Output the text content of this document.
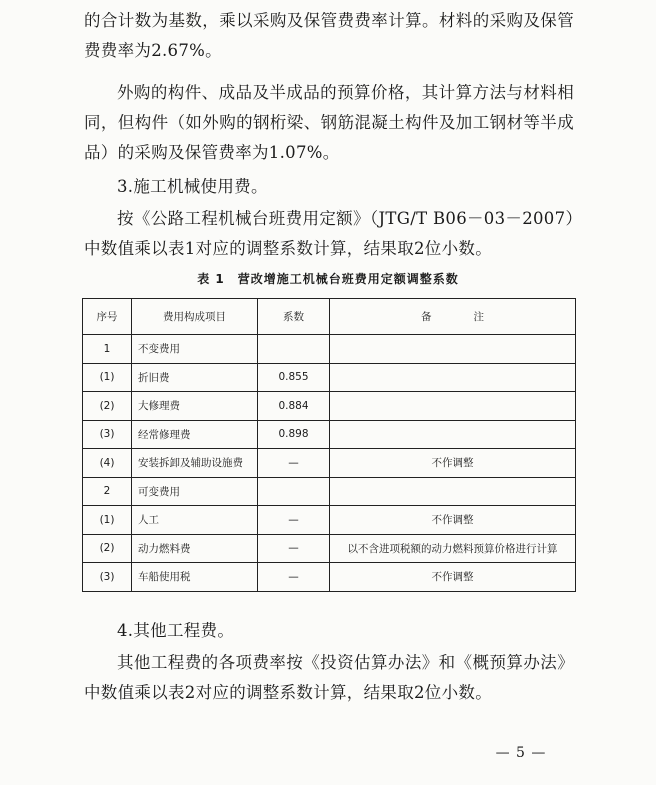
的合计数为基数，乘以采购及保管费费率计算。材料的采购及保管费费率为2.67%。

外购的构件、成品及半成品的预算价格，其计算方法与材料相同，但构件（如外购的钢桁梁、钢筋混凝土构件及加工钢材等半成品）的采购及保管费率为1.07%。

3.施工机械使用费。

按《公路工程机械台班费用定额》（JTG/T B06－03－2007）中数值乘以表1对应的调整系数计算，结果取2位小数。

表 1　营改增施工机械台班费用定额调整系数
序号	费用构成项目	系数	备　　　　注
1	不变费用		
(1)	折旧费	0.855	
(2)	大修理费	0.884	
(3)	经常修理费	0.898	
(4)	安装拆卸及辅助设施费	—	不作调整
2	可变费用		
(1)	人工	—	不作调整
(2)	动力燃料费	—	以不含进项税额的动力燃料预算价格进行计算
(3)	车船使用税	—	不作调整

4.其他工程费。

其他工程费的各项费率按《投资估算办法》和《概预算办法》中数值乘以表2对应的调整系数计算，结果取2位小数。

— 5 —
